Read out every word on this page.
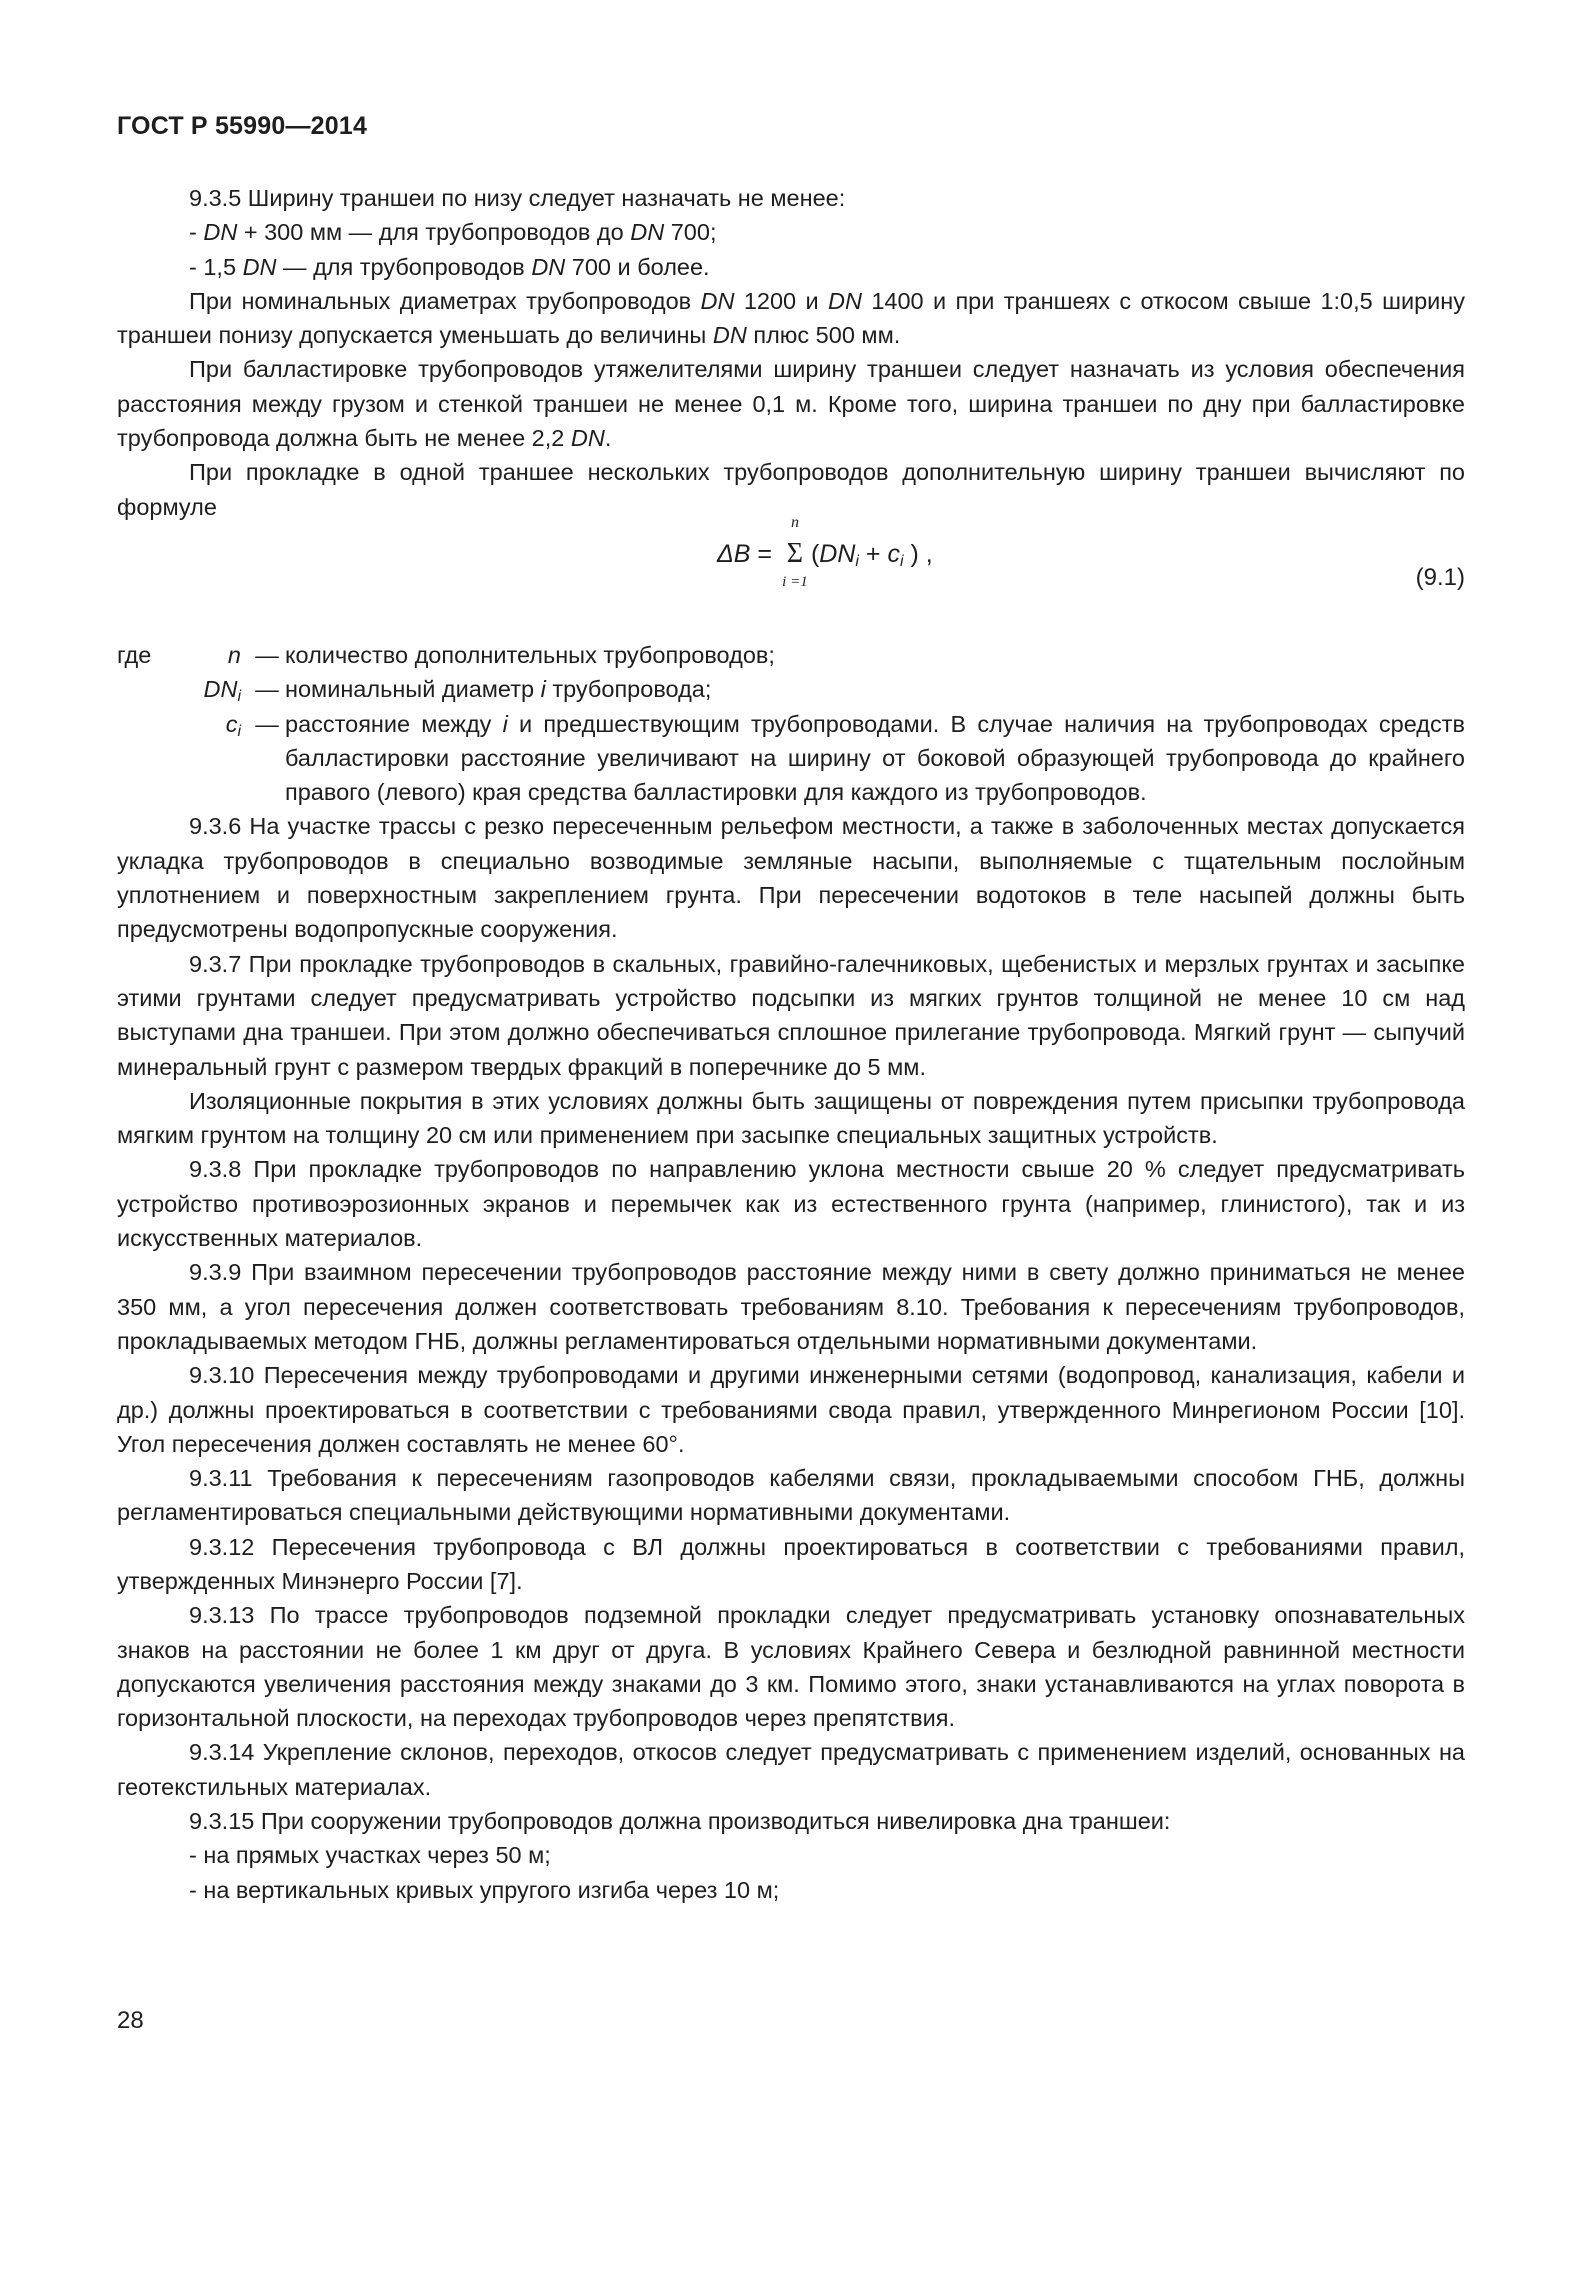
ГОСТ Р 55990—2014

9.3.5 Ширину траншеи по низу следует назначать не менее:

- DN + 300 мм — для трубопроводов до DN 700;

- 1,5 DN — для трубопроводов DN 700 и более.

При номинальных диаметрах трубопроводов DN 1200 и DN 1400 и при траншеях с откосом свыше 1:0,5 ширину траншеи понизу допускается уменьшать до величины DN плюс 500 мм.

При балластировке трубопроводов утяжелителями ширину траншеи следует назначать из условия обеспечения расстояния между грузом и стенкой траншеи не менее 0,1 м. Кроме того, ширина траншеи по дну при балластировке трубопровода должна быть не менее 2,2 DN.

При прокладке в одной траншее нескольких трубопроводов дополнительную ширину траншеи вычисляют по формуле

ΔB =
n
Σ
i =1
($DN_i + c_i$ ) ,
(9.1)
где	n — количество дополнительных трубопроводов;
$DN_i$ — номинальный диаметр i трубопровода;
$c_i$ — расстояние между i и предшествующим трубопроводами. В случае наличия на трубопроводах средств балластировки расстояние увеличивают на ширину от боковой образующей трубопровода до крайнего правого (левого) края средства балластировки для каждого из трубопроводов.

9.3.6 На участке трассы с резко пересеченным рельефом местности, а также в заболоченных местах допускается укладка трубопроводов в специально возводимые земляные насыпи, выполняемые с тщательным послойным уплотнением и поверхностным закреплением грунта. При пересечении водотоков в теле насыпей должны быть предусмотрены водопропускные сооружения.

9.3.7 При прокладке трубопроводов в скальных, гравийно-галечниковых, щебенистых и мерзлых грунтах и засыпке этими грунтами следует предусматривать устройство подсыпки из мягких грунтов толщиной не менее 10 см над выступами дна траншеи. При этом должно обеспечиваться сплошное прилегание трубопровода. Мягкий грунт — сыпучий минеральный грунт с размером твердых фракций в поперечнике до 5 мм.

Изоляционные покрытия в этих условиях должны быть защищены от повреждения путем присыпки трубопровода мягким грунтом на толщину 20 см или применением при засыпке специальных защитных устройств.

9.3.8 При прокладке трубопроводов по направлению уклона местности свыше 20 % следует предусматривать устройство противоэрозионных экранов и перемычек как из естественного грунта (например, глинистого), так и из искусственных материалов.

9.3.9 При взаимном пересечении трубопроводов расстояние между ними в свету должно приниматься не менее 350 мм, а угол пересечения должен соответствовать требованиям 8.10. Требования к пересечениям трубопроводов, прокладываемых методом ГНБ, должны регламентироваться отдельными нормативными документами.

9.3.10 Пересечения между трубопроводами и другими инженерными сетями (водопровод, канализация, кабели и др.) должны проектироваться в соответствии с требованиями свода правил, утвержденного Минрегионом России [10]. Угол пересечения должен составлять не менее 60°.

9.3.11 Требования к пересечениям газопроводов кабелями связи, прокладываемыми способом ГНБ, должны регламентироваться специальными действующими нормативными документами.

9.3.12 Пересечения трубопровода с ВЛ должны проектироваться в соответствии с требованиями правил, утвержденных Минэнерго России [7].

9.3.13 По трассе трубопроводов подземной прокладки следует предусматривать установку опознавательных знаков на расстоянии не более 1 км друг от друга. В условиях Крайнего Севера и безлюдной равнинной местности допускаются увеличения расстояния между знаками до 3 км. Помимо этого, знаки устанавливаются на углах поворота в горизонтальной плоскости, на переходах трубопроводов через препятствия.

9.3.14 Укрепление склонов, переходов, откосов следует предусматривать с применением изделий, основанных на геотекстильных материалах.

9.3.15 При сооружении трубопроводов должна производиться нивелировка дна траншеи:

- на прямых участках через 50 м;

- на вертикальных кривых упругого изгиба через 10 м;

28
